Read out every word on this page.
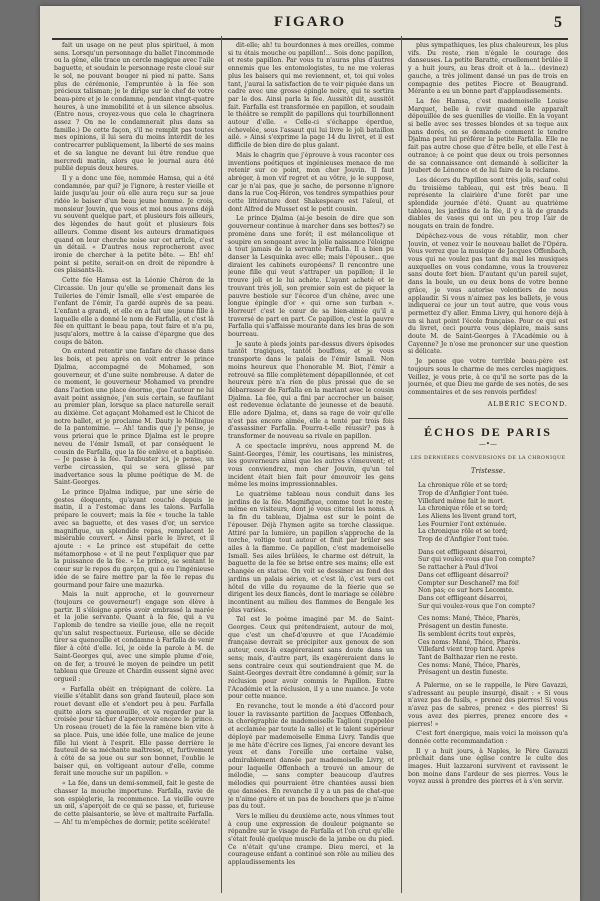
FIGARO	5

fait un usage on ne peut plus spirituel, à mon sens. Lorsqu'un personnage du ballet l'incommode ou la gêne, elle trace un cercle magique avec l'aile baguette, et soudain le personnage reste cloué sur le sol, ne pouvant bouger ni pied ni patte. Sans plus de cérémonie, l'empruntée à la fée son précieux talisman; je le dirige sur le chef de votre beau-père et je le condamne, pendant vingt-quatre heures, à une immobilité et à un silence absolus. (Entre nous, croyez-vous que cela le chagrinera assez ? On ne le condamnerait plus dans sa famille.) De cette façon, s'il ne remplit pas toutes mes opinions, il lui sera du moins interdit de les contrecarrer publiquement, la liberté de ses mains et de sa langue ne devant lui être rendue que mercredi matin, alors que le journal aura été publié depuis deux heures.

Il y a donc une fée, nommée Hamsa, qui a été condamnée, par qui? je l'ignore, à rester vieille et laide jusqu'au jour où elle aura reçu sur sa joue ridée le baiser d'un beau jeune homme. Je crois, monsieur Jouvin, que vous et moi nous avons déjà vu souvent quelque part, et plusieurs fois ailleurs, des légendes de haut goût et plusieurs fois ailleurs. Comme disent les auteurs dramatiques quand on leur cherche noise sur cet article, c'est un détail. « D'autres nous reprocheront avec ironie de chercher à la petite bête. — Eh! eh! point si petite, serait-on en droit de répondre à ces plaisants-là.

Cette fée Hamsa est la Léonie Chéron de la Circassie. Un jour qu'elle se promenait dans les Tuileries de l'émir Ismaïl, elle s'est emparée de l'enfant de l'émir, l'a gardé auprès de sa peau. L'enfant a grandi, et elle en a fait une jeune fille à laquelle elle a donné le nom de Farfalla, et c'est là fée en quittant le beau papa, tout faire et n'a pu, jusqu'alors, mettre à la caisse d'épargne que des coups de bâton.

On entend retentir une fanfare de chasse dans les bois, et peu après on voit entrer le prince Djalma, accompagné de Mohamed, son gouverneur, et d'une suite nombreuse. A dater de ce moment, le gouverneur Mohamed va prendre dans l'action une place énorme, que l'auteur ne lui avait point assignée, j'en suis certain, se faufilant au premier plan, lorsque sa place naturelle serait au dixième. Cet agaçant Mohamed est le Chicot de notre ballet, et je proclame M. Dauty le Mélingue de la pantomime. — Ah! tandis que j'y pense, je vous prierai que le prince Djalma est le propre neveu de l'émir Ismaïl, et par conséquent le cousin de Farfalla, que la fée enlève et a baptisée. — Je passe à la fée. Tarabuster ici, je pense, un verbe circassien, qui se sera glissé par inadvertance sous la plume poétique de M. de Saint-Georges.

Le prince Djalma indique, par une série de gestes éloquents, qu'ayant couché depuis le matin, il a l'estomac dans les talons. Farfalla prépare le couvert; mais la fée « touche la table avec sa baguette, et des vases d'or, un service magnifique, un splendide repas, remplacent le misérable couvert. « Ainsi parle le livret, et il ajoute : « Le prince est stupéfait de cette métamorphose « et il ne peut l'expliquer que par la puissance de la fée. » Le prince, se sentant le cœur sur le repos du garçon, qui a eu l'ingénieuse idée de se faire mettre par la fée le repas du gourmand pour faire une mazurka.

Mais la nuit approche, et le gouverneur (toujours ce gouverneur!) engage son élève à partir. Il s'éloigne après avoir embrassé la marée et la jolie servante. Quant à la fée, qui a vu l'aplomb de tendre sa vieille joue, elle ne reçoit qu'un salut respectueux. Furieuse, elle se décide tirer sa quenouille et condamne à Farfalla de venir filer à côté d'elle. Ici, je cède la parole à M. de Saint-Georges qui, avec une simple plume d'oie, on de fer, a trouvé le moyen de peindre un petit tableau que Greuze et Chardin eussent signé avec orgueil :

« Farfalla obéit en trépignant de colère. La vieille s'établit dans son grand fauteuil, place son rouet devant elle et s'endort peu à peu. Farfalla quitte alors sa quenouille, et va regarder par la croisée pour tâcher d'apercevoir encore le prince. Un roseau (rouet) de la fée la ramène bien vite à sa place. Puis, une idée folle, une malice de jeune fille lui vient à l'esprit. Elle passe derrière le fauteuil de sa méchante maîtresse, et, furtivement à côté de sa joue ou sur son bonnet, l'oublie le baiser qui, en voltigeant autour d'elle, comme ferait une mouche sur un papillon. »

« La fée, dans un demi-sommeil, fait le geste de chasser la mouche importune. Farfalla, ravie de son espièglerie, la recommence. La vieille ouvre un œil, s'aperçoit de ce qui se passe, et, furieuse de cette plaisanterie, se lève et maltraite Farfalla. — Ah! tu m'empêches de dormir, petite scélérate!

dit-elle; ah! tu bourdonnes à mes oreilles, comme si tu étais mouche ou papillon!... Sois donc papillon, et reste papillon. Par vous tu n'auras plus d'autres ennemis que les entomologistes, tu ne me voleras plus les baisers qui me reviennent, et, toi qui voles tant, j'aurai la satisfaction de te voir piquée dans un cadre avec une grosse épingle noire, qui te sortira par le dos. Ainsi parla la fée. Aussitôt dit, aussitôt fait. Farfalla est transformée en papillon, et soudain le théâtre se remplit de papillons qui tourbillonnent autour d'elle. « Celle-ci s'échappe éperdue, échevelée, sous l'assaut qui lui livre le joli bataillon ailé. » Ainsi s'exprime la page 14 du livret, et il est difficile de bien dire de plus galant.

Mais le chagrin que j'éprouve à vous raconter ces inventions poétiques et ingénieuses menace de me retenir sur ce point, mon cher Jouvin. Il faut abréger, à mon vif regret et au vôtre, je le suppose, car je n'ai pas, que je sache, de personne n'ignore dans la rue Coq-Héron, vos tendres sympathies pour cette littérature dont Shakespeare est l'aïeul, et dont Alfred de Musset est le petit cousin.

Le prince Djalma (ai-je besoin de dire que son gouverneur continue à marcher dans ses bottes?) se promène dans une forêt; il est mélancolique et soupire en songeant avec la jolie naissance l'éloigne à tout jamais de la servante Farfalla. Il a bien pu danser la Lesquinka avec elle; mais l'épouser... que diraient les cabinets européens? Il rencontre une jeune fille qui veut s'attraper un papillon; il le trouve joli et le lui achète. L'ayant acheté et le trouvant très joli, son premier soin est de piquer la pauvre bestiole sur l'écorce d'un chêne, avec une longue épingle d'or « qui orne son turban ». Horreur! c'est le cœur de sa bien-aimée qu'il a traversé de part en part. Ce papillon, c'est la pauvre Farfalla qui s'affaisse mourante dans les bras de son bourreau.

Je saute à pieds joints par-dessus divers épisodes tantôt tragiques, tantôt bouffons, et je vous transporte dans le palais de l'émir Ismaïl. Non moins heureux que l'honorable M. Biot, l'émir a retrouvé sa fille complètement dépapillonnée, et cet heureux père n'a rien de plus pressé que de se débarrasser de Farfalla en la mariant avec le cousin Djalma. La fée, qui a fini par accrocher un baiser, est redevenue éclatante de jeunesse et de beauté. Elle adore Djalma, et, dans sa rage de voir qu'elle n'est pas encore aimée, elle a tenté par trois fois d'assassiner Farfalla. Pourra-t-elle réussir? pas à transformer de nouveau sa rivale en papillon.

A ce spectacle imprévu, nous apprend M. de Saint-Georges, l'émir, les courtisans, les ministres, les gouverneurs ainsi que les autres s'émeuvent; et vous conviendrez, mon cher Jouvin, qu'un tel incident était bien fait pour émouvoir les gens même les moins impressionnables.

Le quatrième tableau nous conduit dans les jardins de la fée. Magnifique, comme tout le reste; même en visiteurs, dont je vous citerai les noms. A la fin du tableau, Djalma est sur le point de l'épouser. Déjà l'hymen agite sa torche classique. Attiré par la lumière, un papillon s'approche de la torche, voltige tout autour et finit par brûler ses ailes à la flamme. Ce papillon, c'est mademoiselle Ismaïl. Ses ailes brûlées, le charme est détruit, la baguette de la fée se brise entre ses mains; elle est changée en statue. On voit se dessiner au fond des jardins un palais aérien, et c'est là, c'est vers cet hôtel de ville du royaume de la féerie que se dirigent les deux fiancés, dont le mariage se célèbre incontinent au milieu des flammes de Bengale les plus variées.

Tel est le poème imaginé par M. de Saint-Georges. Ceux qui prétendraient, autour de moi, que c'est un chef-d'œuvre et que l'Académie française devrait se précipiter aux genoux de son auteur, ceux-là exagéreraient sans doute dans un sens; mais, d'autre part, ils exagéreraient dans le sens contraire ceux qui soutiendraient que M. de Saint-Georges devrait être condamné à gémir, sur la réclusion pour avoir commis le Papillon. Entre l'Académie et la réclusion, il y a une nuance. Je vote pour cette nuance.

En revanche, tout le monde a été d'accord pour louer la ravissante partition de Jacques Offenbach, la chorégraphie de mademoiselle Taglioni (rappelée et acclamée par toute la salle) et le talent supérieur déployé par mademoiselle Emma Livry. Tandis que je me hâte d'écrire ces lignes, j'ai encore devant les yeux et dans l'oreille une certaine valse, admirablement dansée par mademoiselle Livry, et pour laquelle Offenbach a trouvé un amour de mélodie, — sans compter beaucoup d'autres mélodies qui pourraient être chantées aussi bien que dansées. En revanche il y a un pas de chat-que je n'aime guère et un pas de bouchers que je n'aime pas du tout.

Vers le milieu du deuxième acte, nous vînmes tout à coup une expression de douleur poignante se répandre sur le visage de Farfalla et l'on crut qu'elle s'était foulé quelque muscle de la jambe ou du pied. Ce n'était qu'une crampe. Dieu merci, et la courageuse enfant a continué son rôle au milieu des applaudissements les

plus sympathiques, les plus chaleureux, les plus vifs. Du reste, rien n'égale le courage des danseuses. La petite Baratte, cruellement brûlée il y a huit jours, au bras droit et à la... (devinez) gauche, a très joliment dansé un pas de trois en compagnie des petites Fiocre et Beaugrand. Mérante a eu un bonne part d'applaudissements.

La fée Hamsa, c'est mademoiselle Louise Marquet, belle à ravir quand elle apparaît dépouillée de ses guenilles de vieille. En la voyant si belle avec ses tresses blondes et sa toque aux pans dorés, on se demande comment le tendre Djalma peut lui préférer la petite Farfalla. Elle ne fait pas autre chose que d'être belle, et elle l'est à outrance; à ce point que deux ou trois personnes de sa connaissance ont demandé à solliciter la Joubert de Lénonce et de lui faire de la réclame.

Les décors du Papillon sont très jolis, sauf celui du troisième tableau, qui est très beau. Il représente la clairière d'une forêt par une splendide journée d'été. Quant au quatrième tableau, les jardins de la fée, il y a là de grands diables de vases qui ont un peu trop l'air de nougats en train de fondre.

Dépêchez-vous de vous rétablir, mon cher Jouvin, et venez voir le nouveau ballet de l'Opéra. Vous verrez que la musique de Jacques Offenbach, vous qui ne voulez pas tant du mal les musiques auxquelles on vous condamne, vous la trouverez sans doute fort bien. D'autant qu'un pareil sujet, dans la boule, un ou deux bons de votre bonne grâce, je vous autorise volontiers de nous applaudir. Si vous n'aimez pas les ballets, je vous indiquerai ce jour un tout autre, que vous vous permettez d'y aller. Emma Livry, qui honore déjà à un si haut point l'école française. Pour ce qui est du livret, ceci pourra vous déplaire, mais sans doute M. de Saint-Georges à l'Académie ou à Cayenne? Je n'ose me prononcer sur une question si délicate.

Je pense que votre terrible beau-père est toujours sous le charme de mes cercles magiques. Veillez, je vous prie, à ce qu'il ne sorte pas de la journée, et que Dieu me garde de ses notes, de ses commentaires et de ses renvois perfides!

ALBÉRIC SECOND.
ÉCHOS DE PARIS
—•—
LES DERNIÈRES CONVERSIONS DE LA CHRONIQUE
Tristesse.
La chronique rôle et se tord;
Trop de d'Anfigier l'ont tuée.
Villefard même fait le mort.
La chronique rôle et se tord;
Les Aliens les livent grand tort,
Les Fournier l'ont exténuée.
La chronique rôle et se tord;
Trop de d'Anfigier l'ont tuée.
Dans cet effligeant désarroi,
Sur qui voulez-vous que l'on compte?
Se rattacher à Paul d'Ivoi
Dans cet effligeant désarroi?
Compter sur Deschanel? ma foi!
Non pas; ce sur hors Lecomte.
Dans cet effligeant désarroi,
Sur qui voulez-vous que l'on compte?
Ces noms: Mané, Théce, Pharès,
Présagent un destin funeste.
Ils semblent écrits tout exprès,
Ces noms: Mané, Théce, Pharès.
Villefard vient trop tard. Après
Tant de Balthazar rien ne reste.
Ces noms: Mané, Théce, Pharès,
Présagent un destin funeste.

A Palerme, on se le rappelle, le Père Gavazzi, s'adressant au peuple insurgé, disait : « Si vous n'avez pas de fusils, « prenez des pierres! Si vous n'avez pas de sabres, prenez « des pierres! Si vous avez des pierres, prenez encore des « pierres! »

C'est fort énergique, mais voici la moisson qu'a donnée cette recommandation :

Il y a huit jours, à Naples, le Père Gavazzi prêchait dans une église contre le culte des images. Huit lazzaroni survivent et ravissent le bon moine dans l'ardeur de ses pierres. Vous le voyez aussi à prendre des pierres et à s'en servir.
